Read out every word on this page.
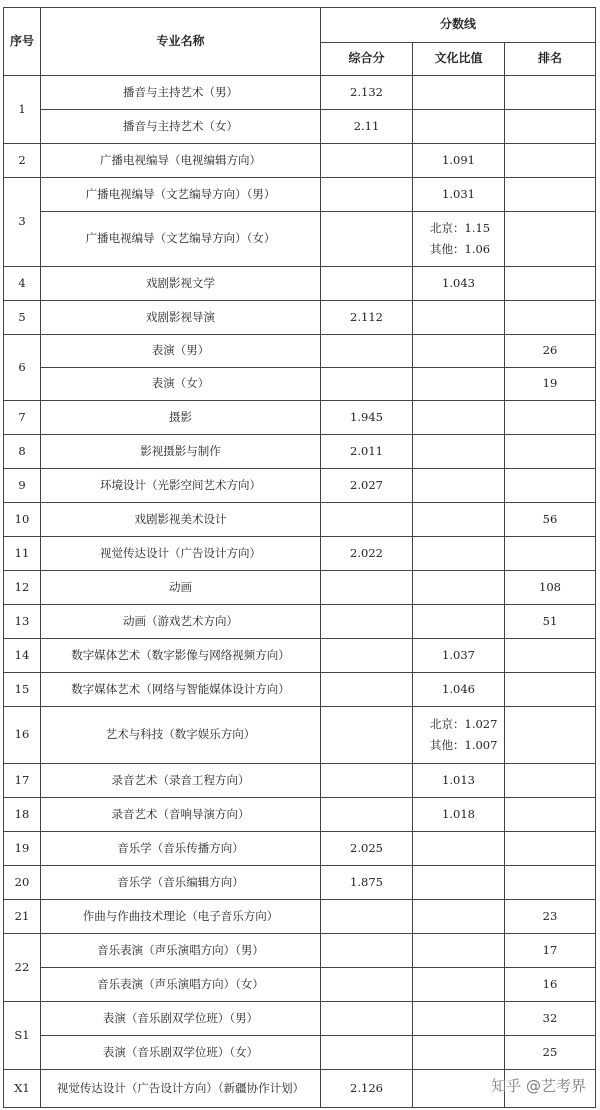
序号	专业名称	分数线		
		综合分	文化比值	排名
1	播音与主持艺术（男）	2.132		
	播音与主持艺术（女）	2.11		
2	广播电视编导（电视编辑方向）		1.091	
3	广播电视编导（文艺编导方向）（男）		1.031	
	广播电视编导（文艺编导方向）（女）		北京：1.15
其他：1.06	

4	戏剧影视文学		1.043	
5	戏剧影视导演	2.112		
6	表演（男）			26
	表演（女）			19
7	摄影	1.945		
8	影视摄影与制作	2.011		
9	环境设计（光影空间艺术方向）	2.027		
10	戏剧影视美术设计			56
11	视觉传达设计（广告设计方向）	2.022		
12	动画			108
13	动画（游戏艺术方向）			51
14	数字媒体艺术（数字影像与网络视频方向）		1.037	
15	数字媒体艺术（网络与智能媒体设计方向）		1.046	
16	艺术与科技（数字娱乐方向）		北京：1.027
其他：1.007	

17	录音艺术（录音工程方向）		1.013	
18	录音艺术（音响导演方向）		1.018	
19	音乐学（音乐传播方向）	2.025		
20	音乐学（音乐编辑方向）	1.875		
21	作曲与作曲技术理论（电子音乐方向）			23
22	音乐表演（声乐演唱方向）（男）			17
	音乐表演（声乐演唱方向）（女）			16
S1	表演（音乐剧双学位班）（男）			32
	表演（音乐剧双学位班）（女）			25
X1	视觉传达设计（广告设计方向）（新疆协作计划）	2.126			知乎 @艺考界
